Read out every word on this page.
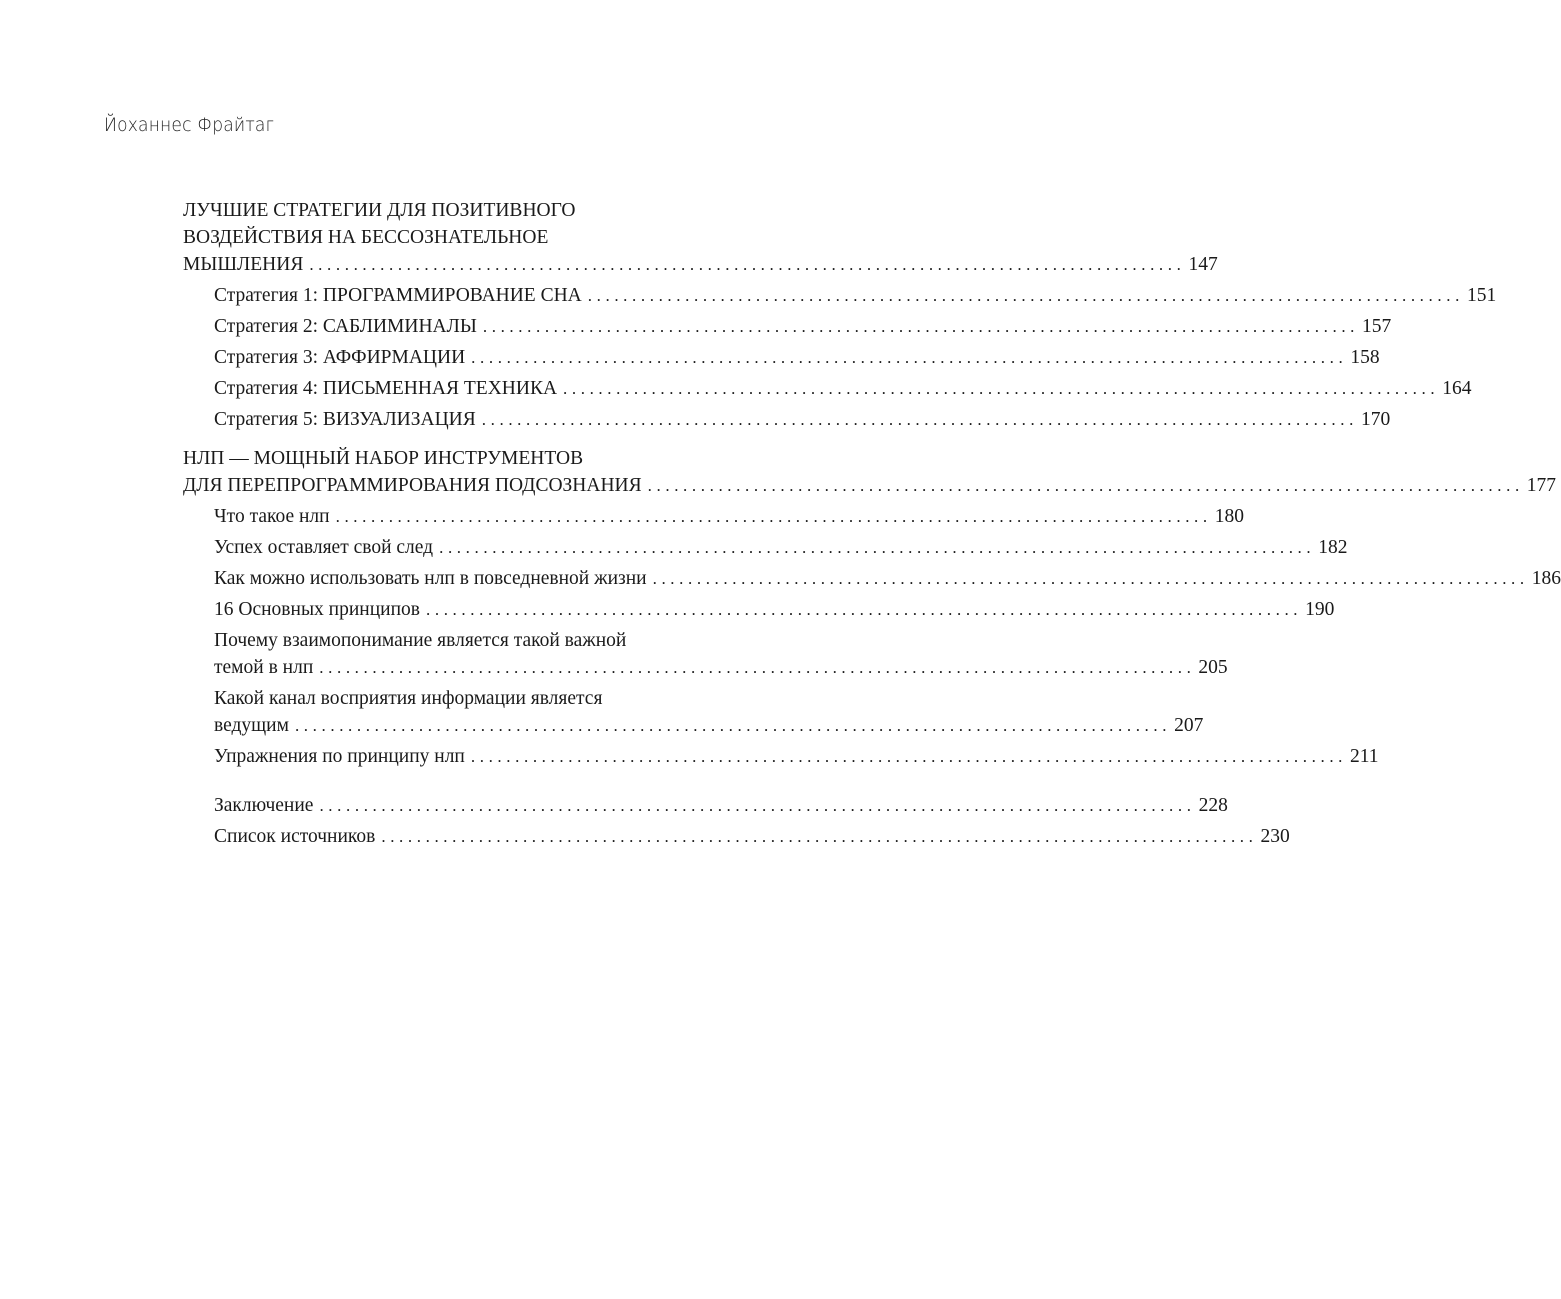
Йоханнес Фрайтаг
ЛУЧШИЕ СТРАТЕГИИ ДЛЯ ПОЗИТИВНОГО
ВОЗДЕЙСТВИЯ НА БЕССОЗНАТЕЛЬНОЕ
МЫШЛЕНИЯ ................................................................................................... 147
Стратегия 1: ПРОГРАММИРОВАНИЕ СНА ................................................................................................... 151
Стратегия 2: САБЛИМИНАЛЫ ................................................................................................... 157
Стратегия 3: АФФИРМАЦИИ ................................................................................................... 158
Стратегия 4: ПИСЬМЕННАЯ ТЕХНИКА ................................................................................................... 164
Стратегия 5: ВИЗУАЛИЗАЦИЯ ................................................................................................... 170
НЛП — МОЩНЫЙ НАБОР ИНСТРУМЕНТОВ
ДЛЯ ПЕРЕПРОГРАММИРОВАНИЯ ПОДСОЗНАНИЯ ................................................................................................... 177
Что такое нлп ................................................................................................... 180
Успех оставляет свой след ................................................................................................... 182
Как можно использовать нлп в повседневной жизни ................................................................................................... 186
16 Основных принципов ................................................................................................... 190
Почему взаимопонимание является такой важной
темой в нлп ................................................................................................... 205
Какой канал восприятия информации является
ведущим ................................................................................................... 207
Упражнения по принципу нлп ................................................................................................... 211
Заключение ................................................................................................... 228
Список источников ................................................................................................... 230
